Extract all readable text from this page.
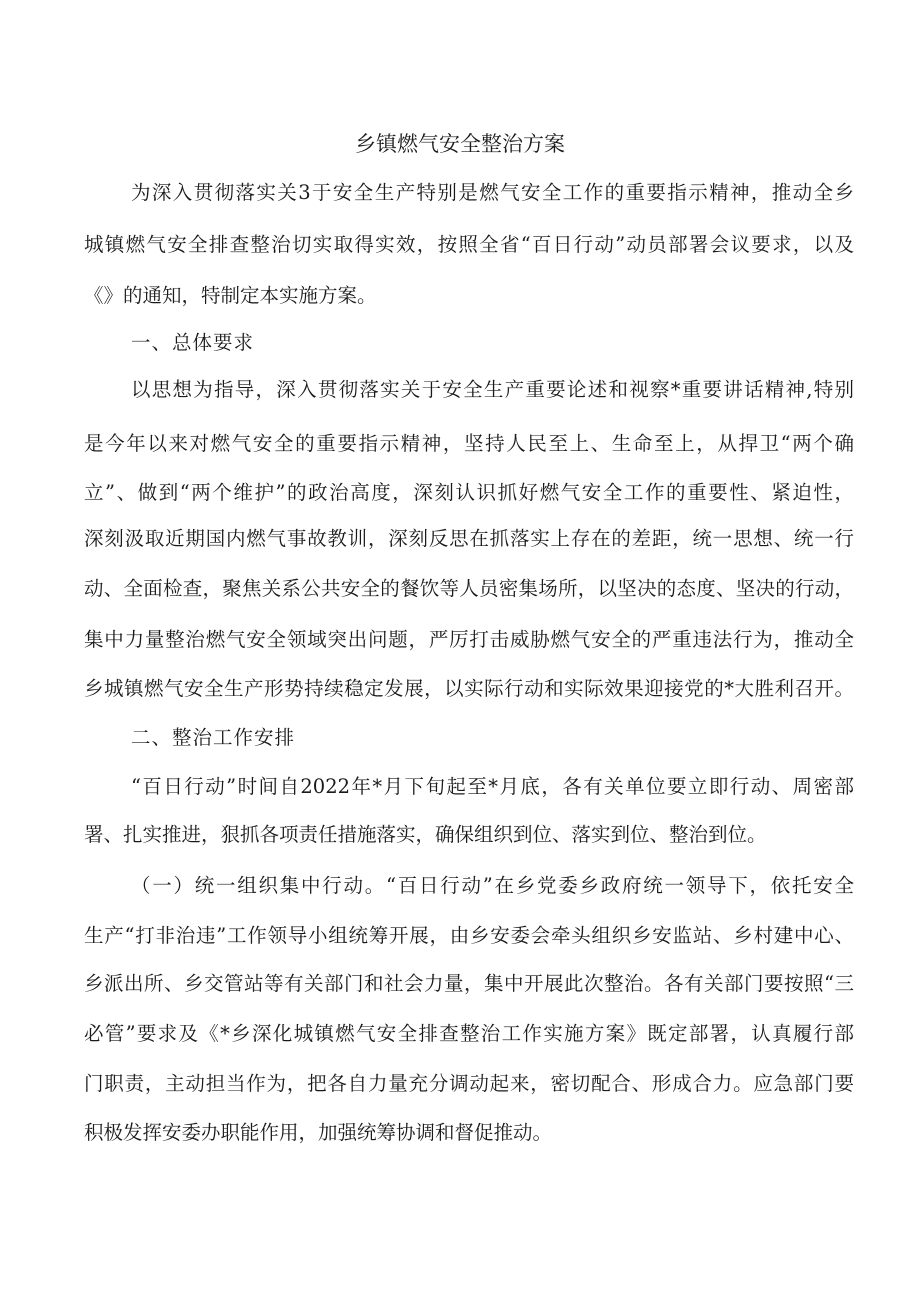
乡镇燃气安全整治方案
为深入贯彻落实关3于安全生产特别是燃气安全工作的重要指示精神，推动全乡
城镇燃气安全排查整治切实取得实效，按照全省“百日行动”动员部署会议要求，以及
《》的通知，特制定本实施方案。
一、总体要求
以思想为指导，深入贯彻落实关于安全生产重要论述和视察*重要讲话精神,特别
是今年以来对燃气安全的重要指示精神，坚持人民至上、生命至上，从捍卫“两个确
立”、做到“两个维护”的政治高度，深刻认识抓好燃气安全工作的重要性、紧迫性，
深刻汲取近期国内燃气事故教训，深刻反思在抓落实上存在的差距，统一思想、统一行
动、全面检查，聚焦关系公共安全的餐饮等人员密集场所，以坚决的态度、坚决的行动，
集中力量整治燃气安全领域突出问题，严厉打击威胁燃气安全的严重违法行为，推动全
乡城镇燃气安全生产形势持续稳定发展，以实际行动和实际效果迎接党的*大胜利召开。
二、整治工作安排
“百日行动”时间自2022年*月下旬起至*月底，各有关单位要立即行动、周密部
署、扎实推进，狠抓各项责任措施落实，确保组织到位、落实到位、整治到位。
（一）统一组织集中行动。“百日行动”在乡党委乡政府统一领导下，依托安全
生产“打非治违”工作领导小组统筹开展，由乡安委会牵头组织乡安监站、乡村建中心、
乡派出所、乡交管站等有关部门和社会力量，集中开展此次整治。各有关部门要按照“三
必管”要求及《*乡深化城镇燃气安全排查整治工作实施方案》既定部署，认真履行部
门职责，主动担当作为，把各自力量充分调动起来，密切配合、形成合力。应急部门要
积极发挥安委办职能作用，加强统筹协调和督促推动。
